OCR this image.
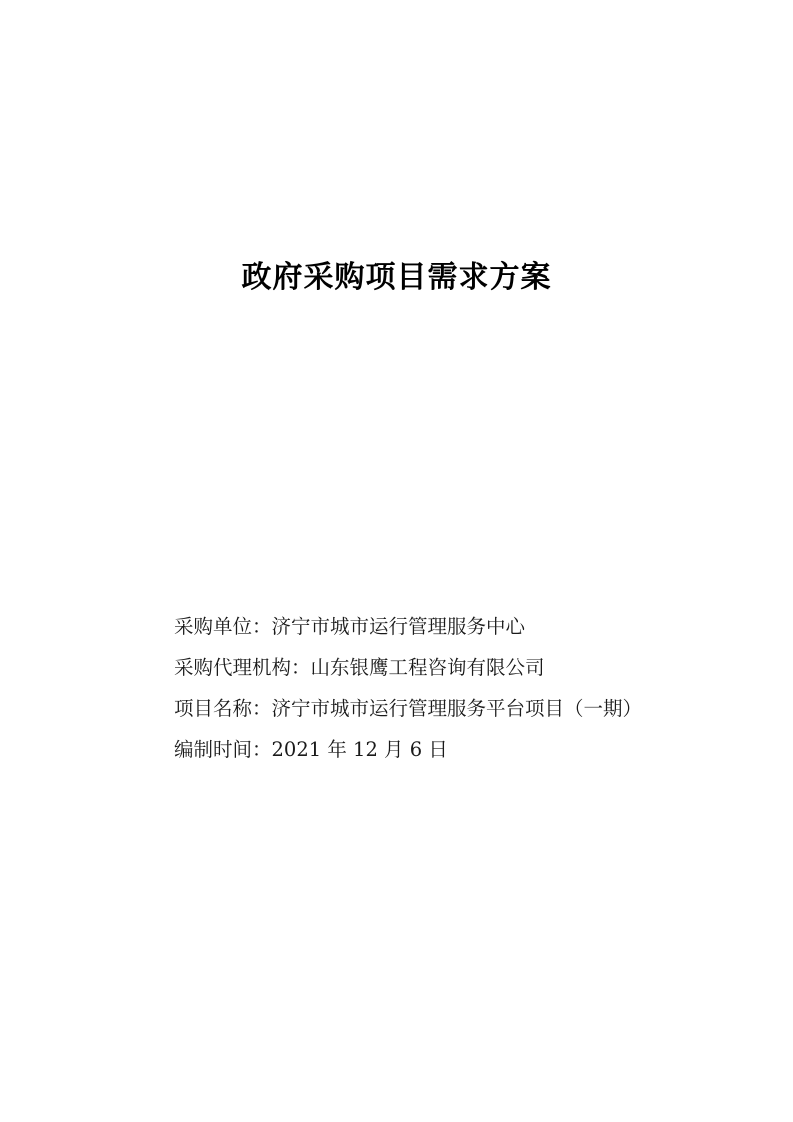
政府采购项目需求方案
采购单位： 济宁市城市运行管理服务中心
采购代理机构： 山东银鹰工程咨询有限公司
项目名称： 济宁市城市运行管理服务平台项目（一期）
编制时间： 2021 年 12 月 6 日
